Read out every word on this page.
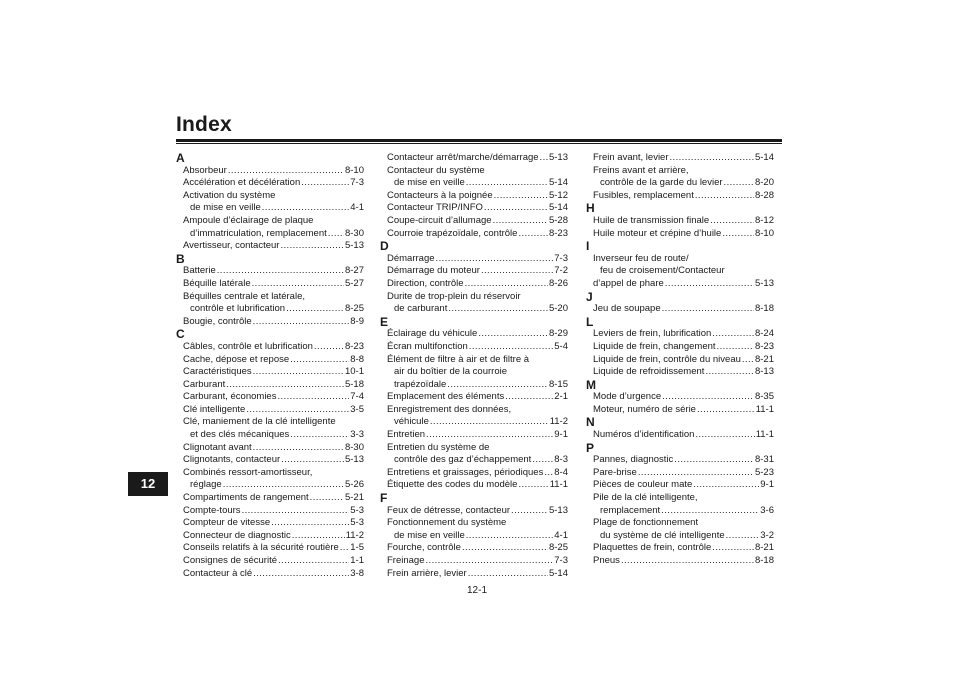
Index
12
A
Absorbeur .....	8-10
Accélération et décélération .....	7-3
Activation du système
de mise en veille .....	4-1
Ampoule d’éclairage de plaque
d’immatriculation, remplacement ..... 8-30
Avertisseur, contacteur .....	5-13
B
Batterie .....	8-27
Béquille latérale .....	5-27
Béquilles centrale et latérale,
contrôle et lubrification .....	8-25
Bougie, contrôle .....	8-9
C
Câbles, contrôle et lubrification .....	8-23
Cache, dépose et repose .....	8-8
Caractéristiques .....	10-1
Carburant .....	5-18
Carburant, économies .....	7-4
Clé intelligente .....	3-5
Clé, maniement de la clé intelligente
et des clés mécaniques .....	3-3
Clignotant avant .....	8-30
Clignotants, contacteur .....	5-13
Combinés ressort-amortisseur,
réglage .....	5-26
Compartiments de rangement .....	5-21
Compte-tours .....	5-3
Compteur de vitesse .....	5-3
Connecteur de diagnostic .....	11-2
Conseils relatifs à la sécurité routière ..... 1-5
Consignes de sécurité .....	1-1
Contacteur à clé .....	3-8
Contacteur arrêt/marche/démarrage ..... 5-13
Contacteur du système
de mise en veille .....	5-14
Contacteurs à la poignée .....	5-12
Contacteur TRIP/INFO .....	5-14
Coupe-circuit d’allumage .....	5-28
Courroie trapézoïdale, contrôle .....	8-23
D
Démarrage .....	7-3
Démarrage du moteur .....	7-2
Direction, contrôle .....	8-26
Durite de trop-plein du réservoir
de carburant .....	5-20
E
Éclairage du véhicule .....	8-29
Écran multifonction .....	5-4
Élément de filtre à air et de filtre à
air du boîtier de la courroie
trapézoïdale .....	8-15
Emplacement des éléments .....	2-1
Enregistrement des données,
véhicule .....	11-2
Entretien .....	9-1
Entretien du système de
contrôle des gaz d’échappement ..... 8-3
Entretiens et graissages, périodiques ..... 8-4
Étiquette des codes du modèle .....	11-1
F
Feux de détresse, contacteur .....	5-13
Fonctionnement du système
de mise en veille .....	4-1
Fourche, contrôle .....	8-25
Freinage .....	7-3
Frein arrière, levier .....	5-14
Frein avant, levier .....	5-14
Freins avant et arrière,
contrôle de la garde du levier .....	8-20
Fusibles, remplacement .....	8-28
H
Huile de transmission finale .....	8-12
Huile moteur et crépine d’huile .....	8-10
I
Inverseur feu de route/
feu de croisement/Contacteur
d’appel de phare .....	5-13
J
Jeu de soupape .....	8-18
L
Leviers de frein, lubrification .....	8-24
Liquide de frein, changement .....	8-23
Liquide de frein, contrôle du niveau ..... 8-21
Liquide de refroidissement .....	8-13
M
Mode d’urgence .....	8-35
Moteur, numéro de série .....	11-1
N
Numéros d’identification .....	11-1
P
Pannes, diagnostic .....	8-31
Pare-brise .....	5-23
Pièces de couleur mate .....	9-1
Pile de la clé intelligente,
remplacement .....	3-6
Plage de fonctionnement
du système de clé intelligente .....	3-2
Plaquettes de frein, contrôle .....	8-21
Pneus .....	8-18
12-1
